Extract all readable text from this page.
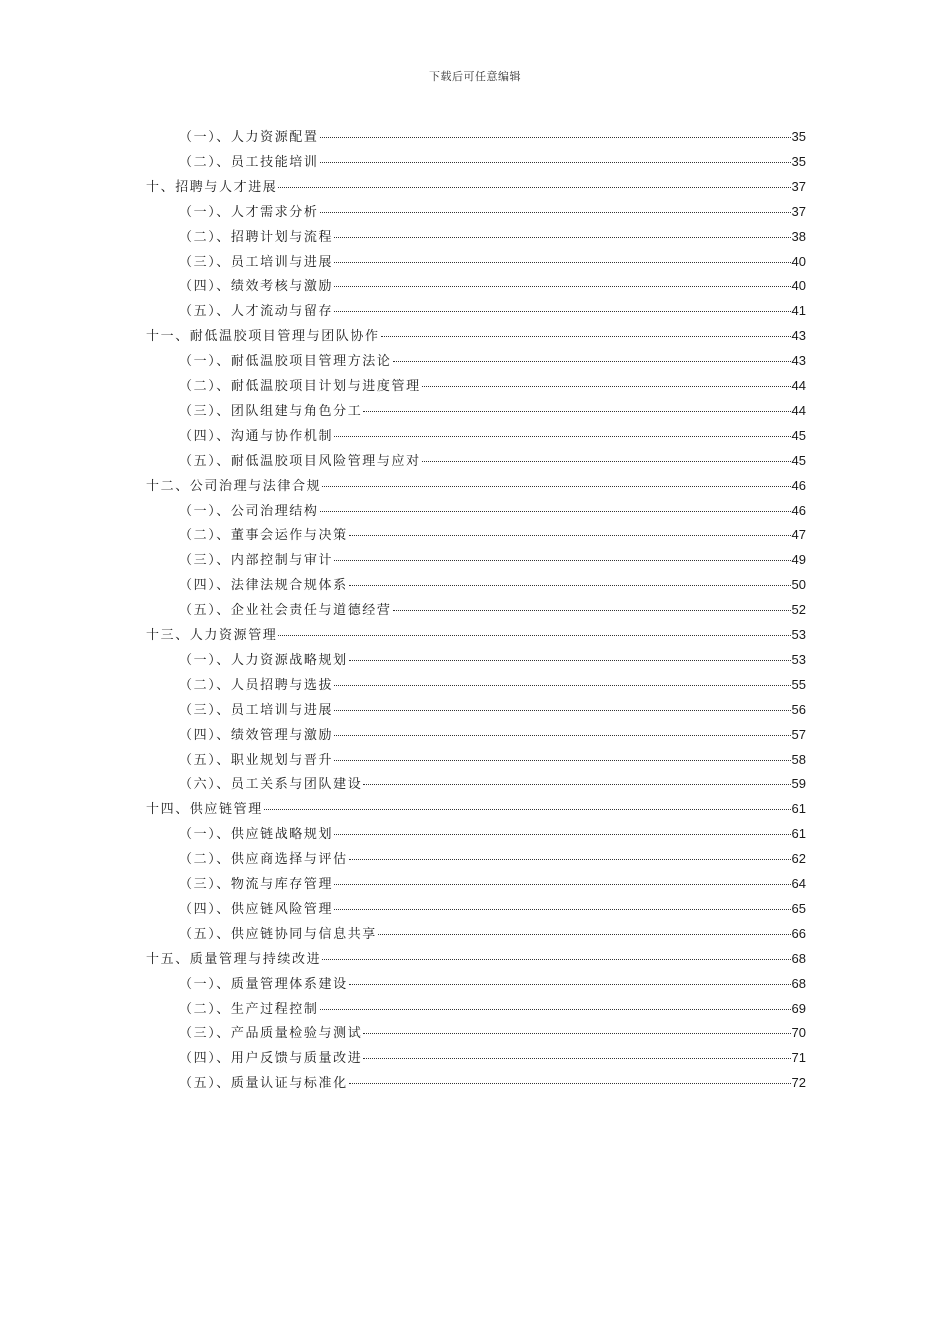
下载后可任意编辑
（一）、人力资源配置	35
（二）、员工技能培训	35
十、招聘与人才进展	37
（一）、人才需求分析	37
（二）、招聘计划与流程	38
（三）、员工培训与进展	40
（四）、绩效考核与激励	40
（五）、人才流动与留存	41
十一、耐低温胶项目管理与团队协作	43
（一）、耐低温胶项目管理方法论	43
（二）、耐低温胶项目计划与进度管理	44
（三）、团队组建与角色分工	44
（四）、沟通与协作机制	45
（五）、耐低温胶项目风险管理与应对	45
十二、公司治理与法律合规	46
（一）、公司治理结构	46
（二）、董事会运作与决策	47
（三）、内部控制与审计	49
（四）、法律法规合规体系	50
（五）、企业社会责任与道德经营	52
十三、人力资源管理	53
（一）、人力资源战略规划	53
（二）、人员招聘与选拔	55
（三）、员工培训与进展	56
（四）、绩效管理与激励	57
（五）、职业规划与晋升	58
（六）、员工关系与团队建设	59
十四、供应链管理	61
（一）、供应链战略规划	61
（二）、供应商选择与评估	62
（三）、物流与库存管理	64
（四）、供应链风险管理	65
（五）、供应链协同与信息共享	66
十五、质量管理与持续改进	68
（一）、质量管理体系建设	68
（二）、生产过程控制	69
（三）、产品质量检验与测试	70
（四）、用户反馈与质量改进	71
（五）、质量认证与标准化	72
